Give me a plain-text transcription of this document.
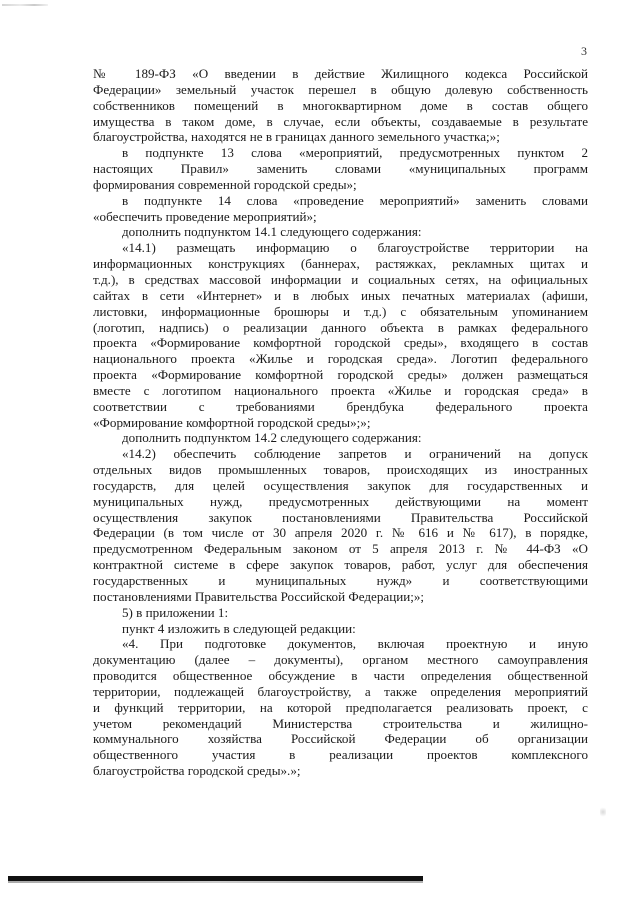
3
№ 189-ФЗ «О введении в действие Жилищного кодекса Российской
Федерации» земельный участок перешел в общую долевую собственность
собственников помещений в многоквартирном доме в состав общего
имущества в таком доме, в случае, если объекты, создаваемые в результате
благоустройства, находятся не в границах данного земельного участка;»;
в подпункте 13 слова «мероприятий, предусмотренных пунктом 2
настоящих Правил» заменить словами «муниципальных программ
формирования современной городской среды»;
в подпункте 14 слова «проведение мероприятий» заменить словами
«обеспечить проведение мероприятий»;
дополнить подпунктом 14.1 следующего содержания:
«14.1) размещать информацию о благоустройстве территории на
информационных конструкциях (баннерах, растяжках, рекламных щитах и
т.д.), в средствах массовой информации и социальных сетях, на официальных
сайтах в сети «Интернет» и в любых иных печатных материалах (афиши,
листовки, информационные брошюры и т.д.) с обязательным упоминанием
(логотип, надпись) о реализации данного объекта в рамках федерального
проекта «Формирование комфортной городской среды», входящего в состав
национального проекта «Жилье и городская среда». Логотип федерального
проекта «Формирование комфортной городской среды» должен размещаться
вместе с логотипом национального проекта «Жилье и городская среда» в
соответствии с требованиями брендбука федерального проекта
«Формирование комфортной городской среды»;»;
дополнить подпунктом 14.2 следующего содержания:
«14.2) обеспечить соблюдение запретов и ограничений на допуск
отдельных видов промышленных товаров, происходящих из иностранных
государств, для целей осуществления закупок для государственных и
муниципальных нужд, предусмотренных действующими на момент
осуществления закупок постановлениями Правительства Российской
Федерации (в том числе от 30 апреля 2020 г. № 616 и № 617), в порядке,
предусмотренном Федеральным законом от 5 апреля 2013 г. № 44-ФЗ «О
контрактной системе в сфере закупок товаров, работ, услуг для обеспечения
государственных и муниципальных нужд» и соответствующими
постановлениями Правительства Российской Федерации;»;
5) в приложении 1:
пункт 4 изложить в следующей редакции:
«4. При подготовке документов, включая проектную и иную
документацию (далее – документы), органом местного самоуправления
проводится общественное обсуждение в части определения общественной
территории, подлежащей благоустройству, а также определения мероприятий
и функций территории, на которой предполагается реализовать проект, с
учетом рекомендаций Министерства строительства и жилищно-
коммунального хозяйства Российской Федерации об организации
общественного участия в реализации проектов комплексного
благоустройства городской среды».»;
